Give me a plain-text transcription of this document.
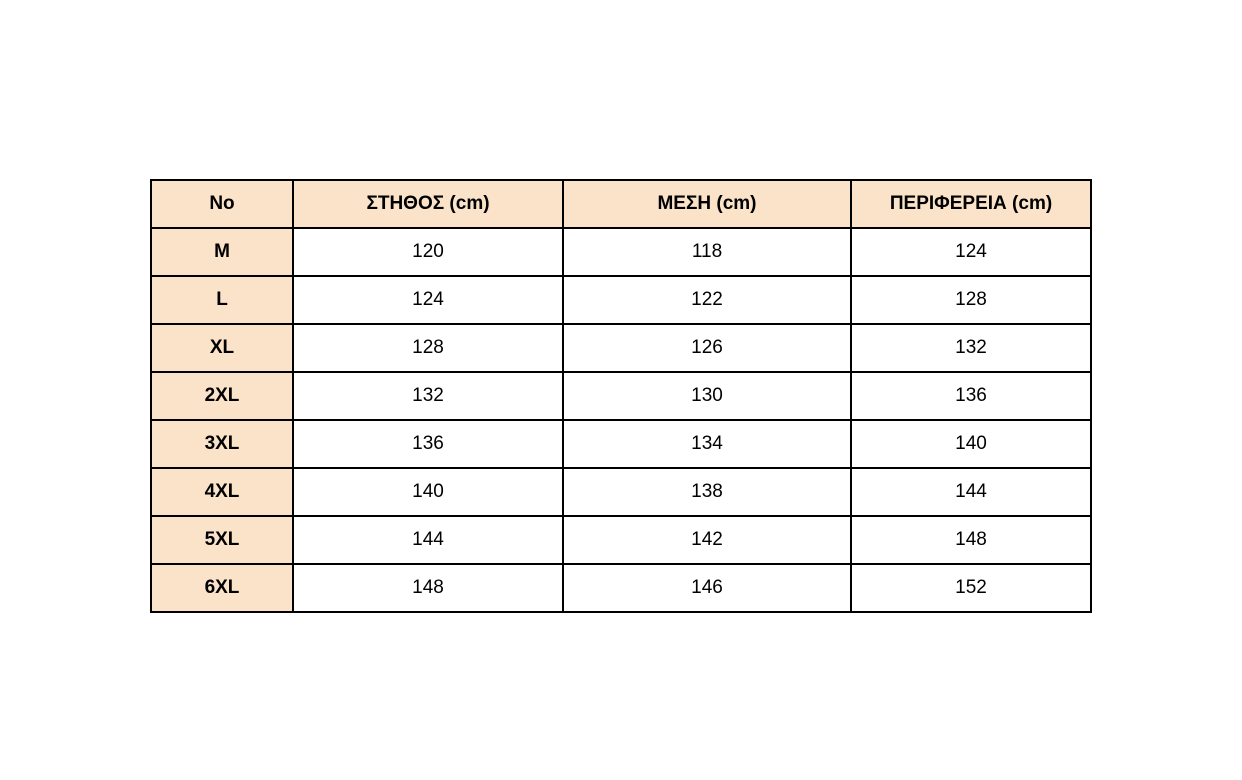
No	ΣΤΗΘΟΣ (cm)	ΜΕΣΗ (cm)	ΠΕΡΙΦΕΡΕΙΑ (cm)
M	120	118	124
L	124	122	128
XL	128	126	132
2XL	132	130	136
3XL	136	134	140
4XL	140	138	144
5XL	144	142	148
6XL	148	146	152
